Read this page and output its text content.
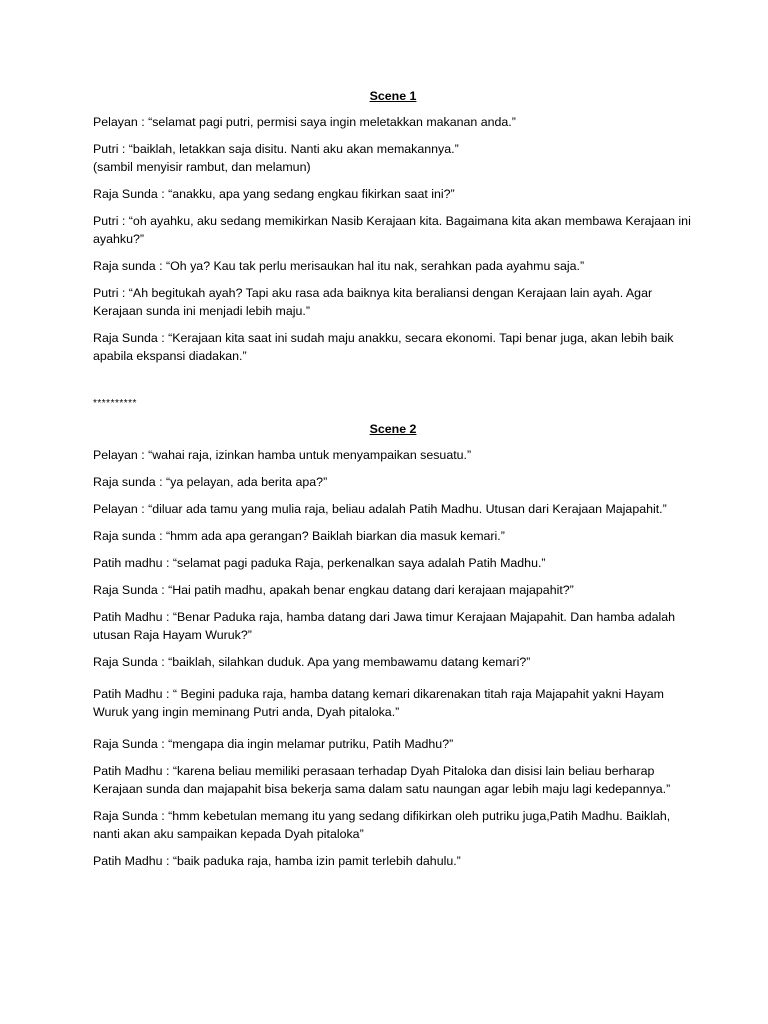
Scene 1
Pelayan : “selamat pagi putri, permisi saya ingin meletakkan makanan anda.”
Putri : “baiklah, letakkan saja disitu. Nanti aku akan memakannya.”
(sambil menyisir rambut, dan melamun)
Raja Sunda : “anakku, apa yang sedang engkau fikirkan saat ini?”
Putri : “oh ayahku, aku sedang memikirkan Nasib Kerajaan kita. Bagaimana kita akan membawa Kerajaan ini ayahku?”
Raja sunda : “Oh ya? Kau tak perlu merisaukan hal itu nak, serahkan pada ayahmu saja.”
Putri : “Ah begitukah ayah? Tapi aku rasa ada baiknya kita beraliansi dengan Kerajaan lain ayah. Agar Kerajaan sunda ini menjadi lebih maju.”
Raja Sunda : “Kerajaan kita saat ini sudah maju anakku, secara ekonomi. Tapi benar juga, akan lebih baik apabila ekspansi diadakan.”
**********
Scene 2
Pelayan : “wahai raja, izinkan hamba untuk menyampaikan sesuatu.”
Raja sunda : “ya pelayan, ada berita apa?”
Pelayan : “diluar ada tamu yang mulia raja, beliau adalah Patih Madhu. Utusan dari Kerajaan Majapahit.”
Raja sunda : “hmm ada apa gerangan? Baiklah biarkan dia masuk kemari.”
Patih madhu : “selamat pagi paduka Raja, perkenalkan saya adalah Patih Madhu.”
Raja Sunda : “Hai patih madhu, apakah benar engkau datang dari kerajaan majapahit?”
Patih Madhu : “Benar Paduka raja, hamba datang dari Jawa timur Kerajaan Majapahit. Dan hamba adalah utusan Raja Hayam Wuruk?”
Raja Sunda : “baiklah, silahkan duduk. Apa yang membawamu datang kemari?”
Patih Madhu : “ Begini paduka raja, hamba datang kemari dikarenakan titah raja Majapahit yakni Hayam Wuruk yang ingin meminang Putri anda, Dyah pitaloka.”
Raja Sunda : “mengapa dia ingin melamar putriku, Patih Madhu?”
Patih Madhu : “karena beliau memiliki perasaan terhadap Dyah Pitaloka dan disisi lain beliau berharap Kerajaan sunda dan majapahit bisa bekerja sama dalam satu naungan agar lebih maju lagi kedepannya.”
Raja Sunda : “hmm kebetulan memang itu yang sedang difikirkan oleh putriku juga,Patih Madhu. Baiklah, nanti akan aku sampaikan kepada Dyah pitaloka”
Patih Madhu : “baik paduka raja, hamba izin pamit terlebih dahulu.”
